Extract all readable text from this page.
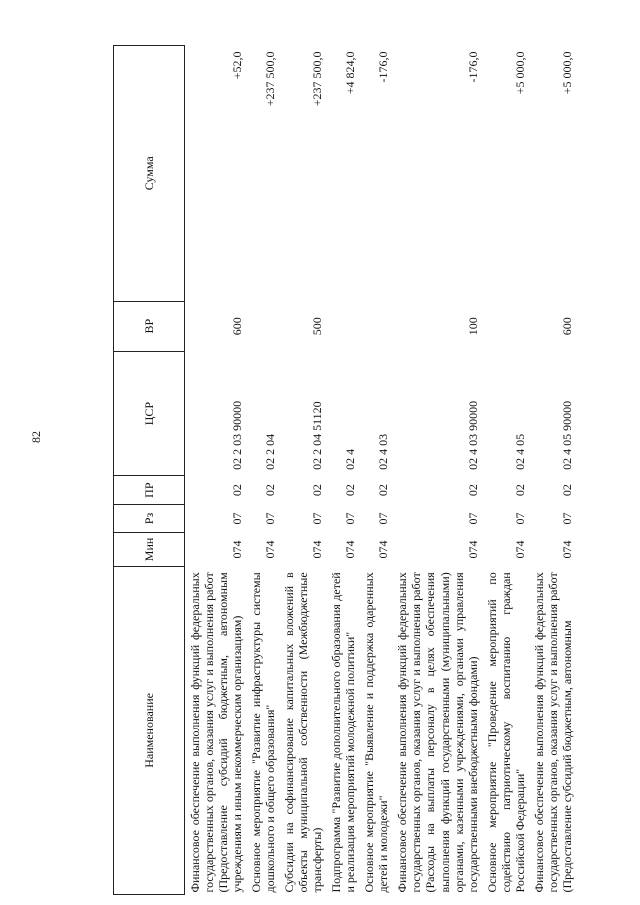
82
Наименование	Мин	Рз	ПР	ЦСР	ВР	Сумма
Финансовое обеспечение выполнения функций федеральных государственных органов, оказания услуг и выполнения работ (Предоставление субсидий бюджетным, автономным учреждениям и иным некоммерческим организациям)	074	07	02	02 2 03 90000	600	+52,0
Основное мероприятие "Развитие инфраструктуры системы дошкольного и общего образования"	074	07	02	02 2 04		+237 500,0
Субсидии на софинансирование капитальных вложений в объекты муниципальной собственности (Межбюджетные трансферты)	074	07	02	02 2 04 51120	500	+237 500,0
Подпрограмма "Развитие дополнительного образования детей и реализация мероприятий молодежной политики"	074	07	02	02 4		+4 824,0
Основное мероприятие "Выявление и поддержка одаренных детей и молодежи"	074	07	02	02 4 03		-176,0
Финансовое обеспечение выполнения функций федеральных государственных органов, оказания услуг и выполнения работ (Расходы на выплаты персоналу в целях обеспечения выполнения функций государственными (муниципальными) органами, казенными учреждениями, органами управления государственными внебюджетными фондами)	074	07	02	02 4 03 90000	100	-176,0
Основное мероприятие "Проведение мероприятий по содействию патриотическому воспитанию граждан Российской Федерации"	074	07	02	02 4 05		+5 000,0
Финансовое обеспечение выполнения функций федеральных государственных органов, оказания услуг и выполнения работ (Предоставление субсидий бюджетным, автономным	074	07	02	02 4 05 90000	600	+5 000,0
